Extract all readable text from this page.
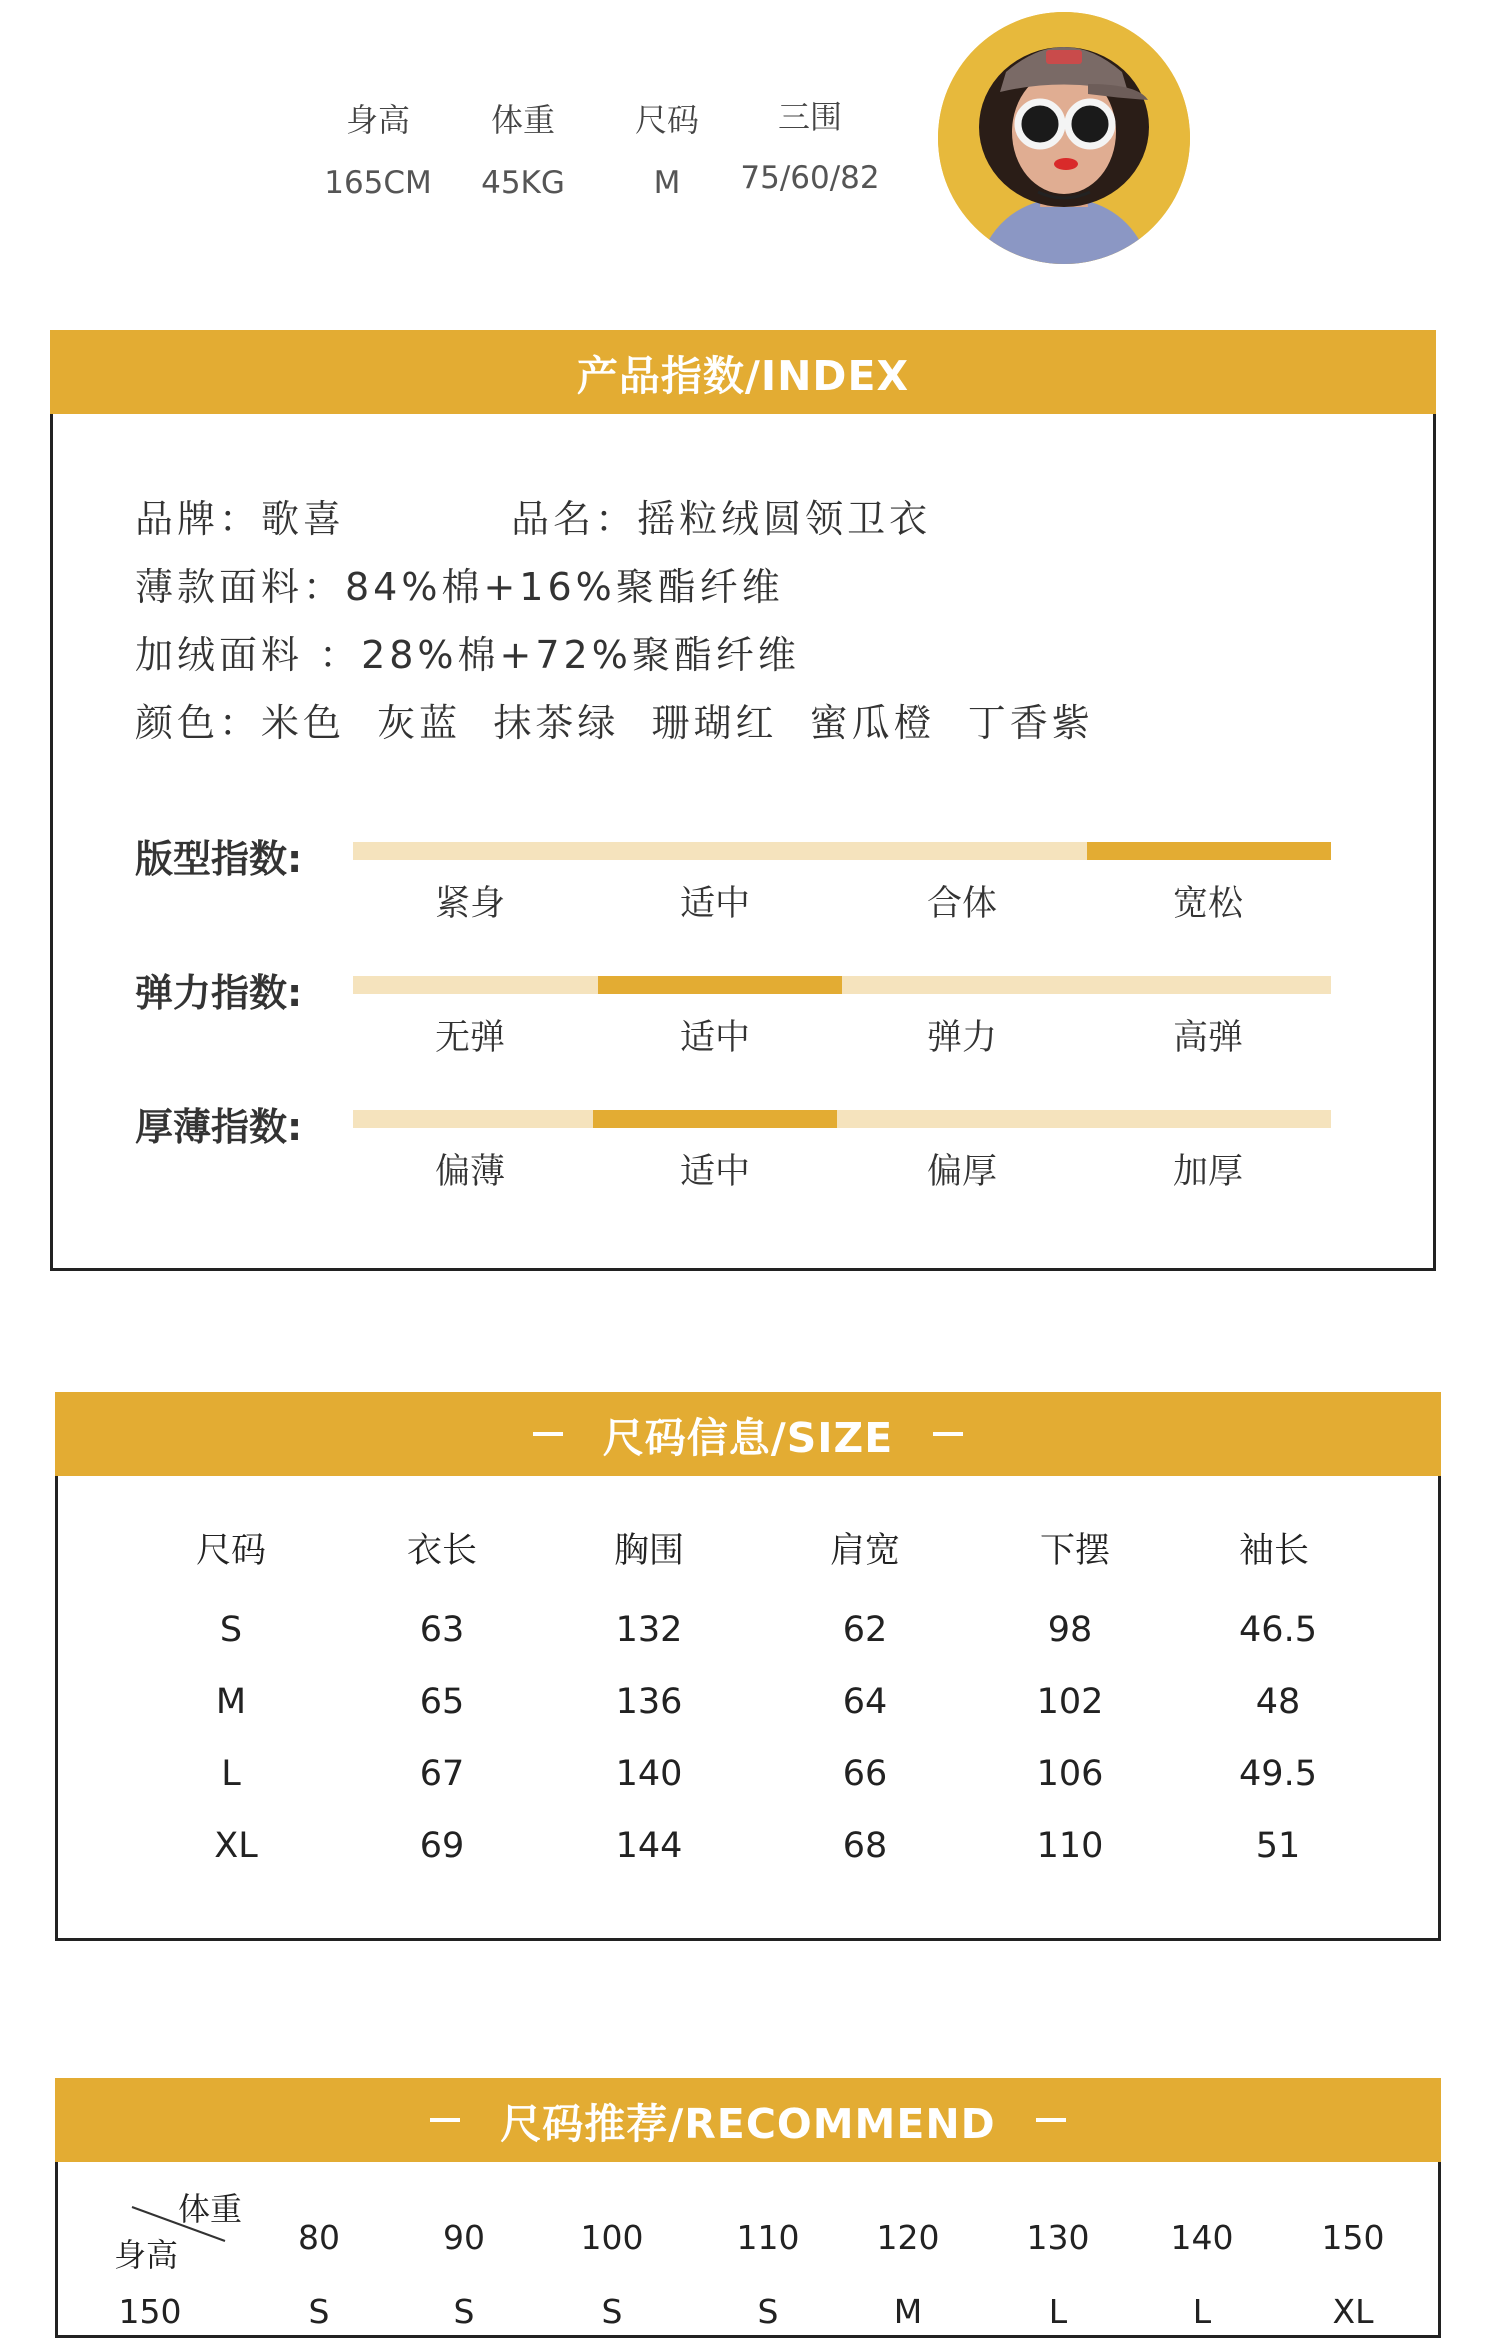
身高	体重	尺码	三围
165CM	45KG	M	75/60/82
产品指数/INDEX
品牌：歌喜	品名：摇粒绒圆领卫衣
薄款面料：84%棉+16%聚酯纤维
加绒面料 ：28%棉+72%聚酯纤维
颜色：米色  灰蓝  抹茶绿  珊瑚红  蜜瓜橙  丁香紫
版型指数:
紧身	适中	合体	宽松
弹力指数:
无弹	适中	弹力	高弹
厚薄指数:
偏薄	适中	偏厚	加厚
尺码信息/SIZE
尺码	衣长	胸围	肩宽	下摆	袖长
S	63	132	62	98	46.5
M	65	136	64	102	48
L	67	140	66	106	49.5
XL	69	144	68	110	51
尺码推荐/RECOMMEND
体重
身高	80	90	100	110	120	130	140	150
150	S	S	S	S	M	L	L	XL
